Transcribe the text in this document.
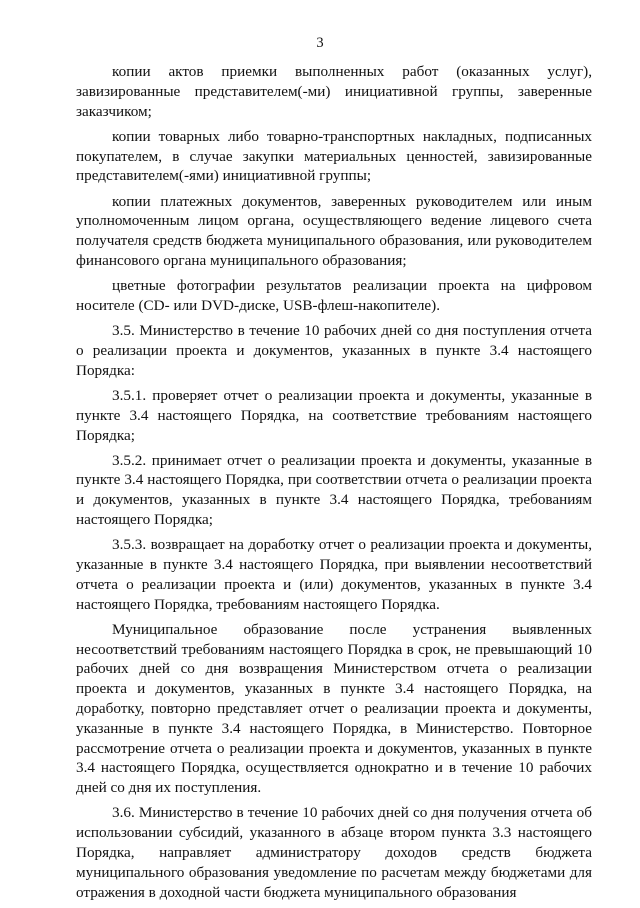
3

копии актов приемки выполненных работ (оказанных услуг), завизированные представителем(-ми) инициативной группы, заверенные заказчиком;

копии товарных либо товарно-транспортных накладных, подписанных покупателем, в случае закупки материальных ценностей, завизированные представителем(-ями) инициативной группы;

копии платежных документов, заверенных руководителем или иным уполномоченным лицом органа, осуществляющего ведение лицевого счета получателя средств бюджета муниципального образования, или руководителем финансового органа муниципального образования;

цветные фотографии результатов реализации проекта на цифровом носителе (CD- или DVD-диске, USB-флеш-накопителе).

3.5. Министерство в течение 10 рабочих дней со дня поступления отчета о реализации проекта и документов, указанных в пункте 3.4 настоящего Порядка:

3.5.1. проверяет отчет о реализации проекта и документы, указанные в пункте 3.4 настоящего Порядка, на соответствие требованиям настоящего Порядка;

3.5.2. принимает отчет о реализации проекта и документы, указанные в пункте 3.4 настоящего Порядка, при соответствии отчета о реализации проекта и документов, указанных в пункте 3.4 настоящего Порядка, требованиям настоящего Порядка;

3.5.3. возвращает на доработку отчет о реализации проекта и документы, указанные в пункте 3.4 настоящего Порядка, при выявлении несоответствий отчета о реализации проекта и (или) документов, указанных в пункте 3.4 настоящего Порядка, требованиям настоящего Порядка.

Муниципальное образование после устранения выявленных несоответствий требованиям настоящего Порядка в срок, не превышающий 10 рабочих дней со дня возвращения Министерством отчета о реализации проекта и документов, указанных в пункте 3.4 настоящего Порядка, на доработку, повторно представляет отчет о реализации проекта и документы, указанные в пункте 3.4 настоящего Порядка, в Министерство. Повторное рассмотрение отчета о реализации проекта и документов, указанных в пункте 3.4 настоящего Порядка, осуществляется однократно и в течение 10 рабочих дней со дня их поступления.

3.6. Министерство в течение 10 рабочих дней со дня получения отчета об использовании субсидий, указанного в абзаце втором пункта 3.3 настоящего Порядка, направляет администратору доходов средств бюджета муниципального образования уведомление по расчетам между бюджетами для отражения в доходной части бюджета муниципального образования
